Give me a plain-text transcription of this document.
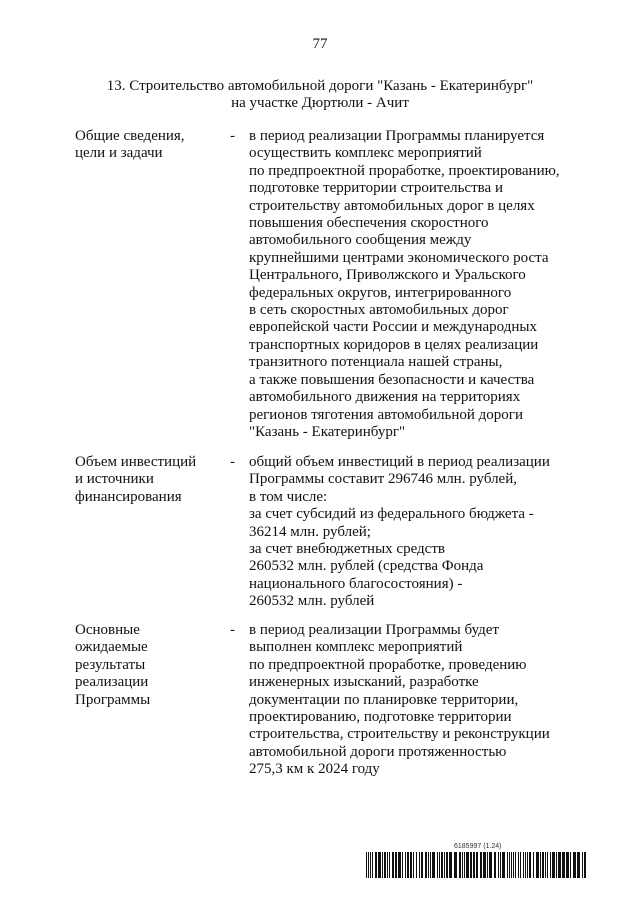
77
13. Строительство автомобильной дороги "Казань - Екатеринбург"
на участке Дюртюли - Ачит
Общие сведения,
цели и задачи
- в период реализации Программы планируется
осуществить комплекс мероприятий
по предпроектной проработке, проектированию,
подготовке территории строительства и
строительству автомобильных дорог в целях
повышения обеспечения скоростного
автомобильного сообщения между
крупнейшими центрами экономического роста
Центрального, Приволжского и Уральского
федеральных округов, интегрированного
в сеть скоростных автомобильных дорог
европейской части России и международных
транспортных коридоров в целях реализации
транзитного потенциала нашей страны,
а также повышения безопасности и качества
автомобильного движения на территориях
регионов тяготения автомобильной дороги
"Казань - Екатеринбург"
Объем инвестиций
и источники
финансирования
- общий объем инвестиций в период реализации
Программы составит 296746 млн. рублей,
в том числе:
за счет субсидий из федерального бюджета -
36214 млн. рублей;
за счет внебюджетных средств
260532 млн. рублей (средства Фонда
национального благосостояния) -
260532 млн. рублей
Основные
ожидаемые
результаты
реализации
Программы
- в период реализации Программы будет
выполнен комплекс мероприятий
по предпроектной проработке, проведению
инженерных изысканий, разработке
документации по планировке территории,
проектированию, подготовке территории
строительства, строительству и реконструкции
автомобильной дороги протяженностью
275,3 км к 2024 году
6185997 (1.24)
